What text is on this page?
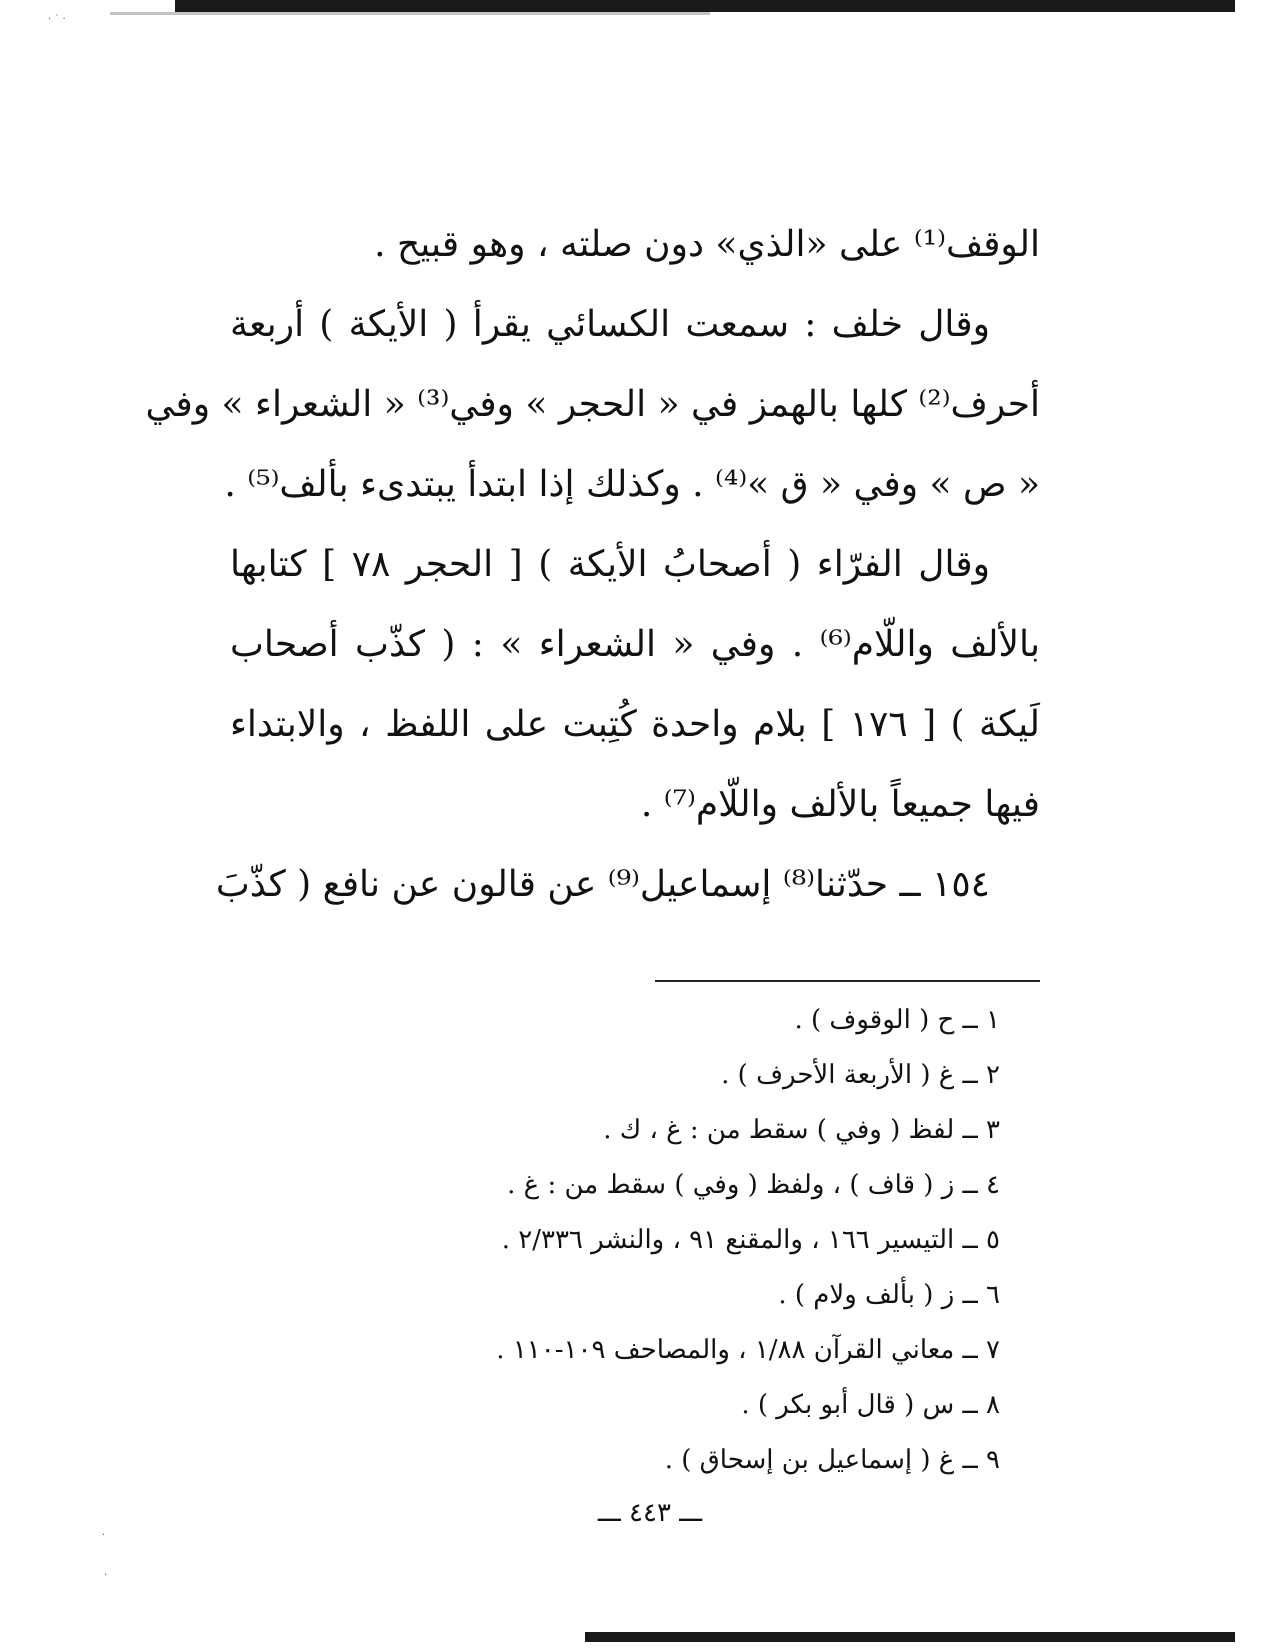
· ˙ ·
·
·
الوقف⁽¹⁾ على «الذي» دون صلته ، وهو قبيح .
وقال خلف : سمعت الكسائي يقرأ ( الأيكة ) أربعة
أحرف⁽²⁾ كلها بالهمز في « الحجر » وفي⁽³⁾ « الشعراء » وفي
« ص » وفي « ق »⁽⁴⁾ . وكذلك إذا ابتدأ يبتدىء بألف⁽⁵⁾ .
وقال الفرّاء ( أصحابُ الأيكة ) [ الحجر ٧٨ ] كتابها
بالألف واللّام⁽⁶⁾ . وفي « الشعراء » : ( كذّب أصحاب
لَيكة ) [ ١٧٦ ] بلام واحدة كُتِبت على اللفظ ، والابتداء
فيها جميعاً بالألف واللّام⁽⁷⁾ .
١٥٤ ــ حدّثنا⁽⁸⁾ إسماعيل⁽⁹⁾ عن قالون عن نافع ( كذّبَ
١ ــ ح ( الوقوف ) .
٢ ــ غ ( الأربعة الأحرف ) .
٣ ــ لفظ ( وفي ) سقط من : غ ، ك .
٤ ــ ز ( قاف ) ، ولفظ ( وفي ) سقط من : غ .
٥ ــ التيسير ١٦٦ ، والمقنع ٩١ ، والنشر ٢/٣٣٦ .
٦ ــ ز ( بألف ولام ) .
٧ ــ معاني القرآن ١/٨٨ ، والمصاحف ١٠٩-١١٠ .
٨ ــ س ( قال أبو بكر ) .
٩ ــ غ ( إسماعيل بن إسحاق ) .
ـــ ٤٤٣ ـــ
